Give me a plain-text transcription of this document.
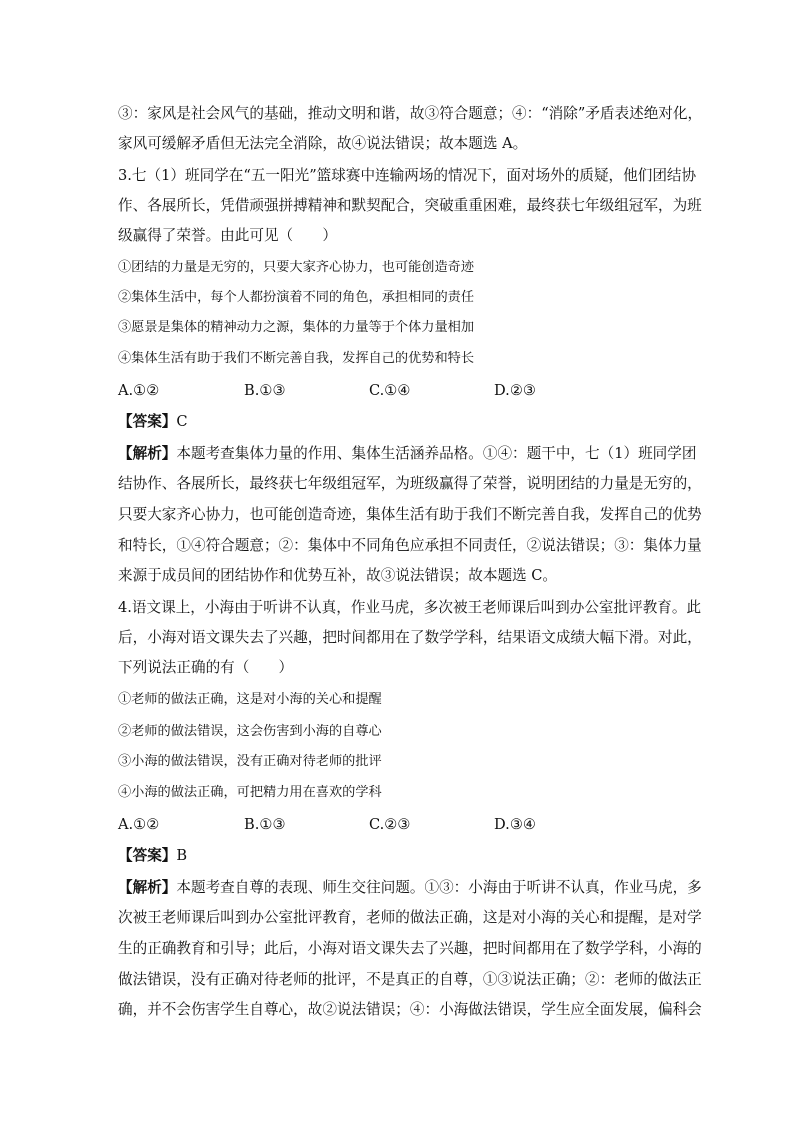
③：家风是社会风气的基础，推动文明和谐，故③符合题意；④：“消除”矛盾表述绝对化，
家风可缓解矛盾但无法完全消除，故④说法错误；故本题选 A。
3.七（1）班同学在“五一阳光”篮球赛中连输两场的情况下，面对场外的质疑，他们团结协
作、各展所长，凭借顽强拼搏精神和默契配合，突破重重困难，最终获七年级组冠军，为班
级赢得了荣誉。由此可见（　　）
①团结的力量是无穷的，只要大家齐心协力，也可能创造奇迹
②集体生活中，每个人都扮演着不同的角色，承担相同的责任
③愿景是集体的精神动力之源，集体的力量等于个体力量相加
④集体生活有助于我们不断完善自我，发挥自己的优势和特长
A.①②	B.①③	C.①④	D.②③
【答案】C
【解析】本题考查集体力量的作用、集体生活涵养品格。①④：题干中，七（1）班同学团
结协作、各展所长，最终获七年级组冠军，为班级赢得了荣誉，说明团结的力量是无穷的，
只要大家齐心协力，也可能创造奇迹，集体生活有助于我们不断完善自我，发挥自己的优势
和特长，①④符合题意；②：集体中不同角色应承担不同责任，②说法错误；③：集体力量
来源于成员间的团结协作和优势互补，故③说法错误；故本题选 C。
4.语文课上，小海由于听讲不认真，作业马虎，多次被王老师课后叫到办公室批评教育。此
后，小海对语文课失去了兴趣，把时间都用在了数学学科，结果语文成绩大幅下滑。对此，
下列说法正确的有（　　）
①老师的做法正确，这是对小海的关心和提醒
②老师的做法错误，这会伤害到小海的自尊心
③小海的做法错误，没有正确对待老师的批评
④小海的做法正确，可把精力用在喜欢的学科
A.①②	B.①③	C.②③	D.③④
【答案】B
【解析】本题考查自尊的表现、师生交往问题。①③：小海由于听讲不认真，作业马虎，多
次被王老师课后叫到办公室批评教育，老师的做法正确，这是对小海的关心和提醒，是对学
生的正确教育和引导；此后，小海对语文课失去了兴趣，把时间都用在了数学学科，小海的
做法错误，没有正确对待老师的批评，不是真正的自尊，①③说法正确；②：老师的做法正
确，并不会伤害学生自尊心，故②说法错误；④：小海做法错误，学生应全面发展，偏科会
